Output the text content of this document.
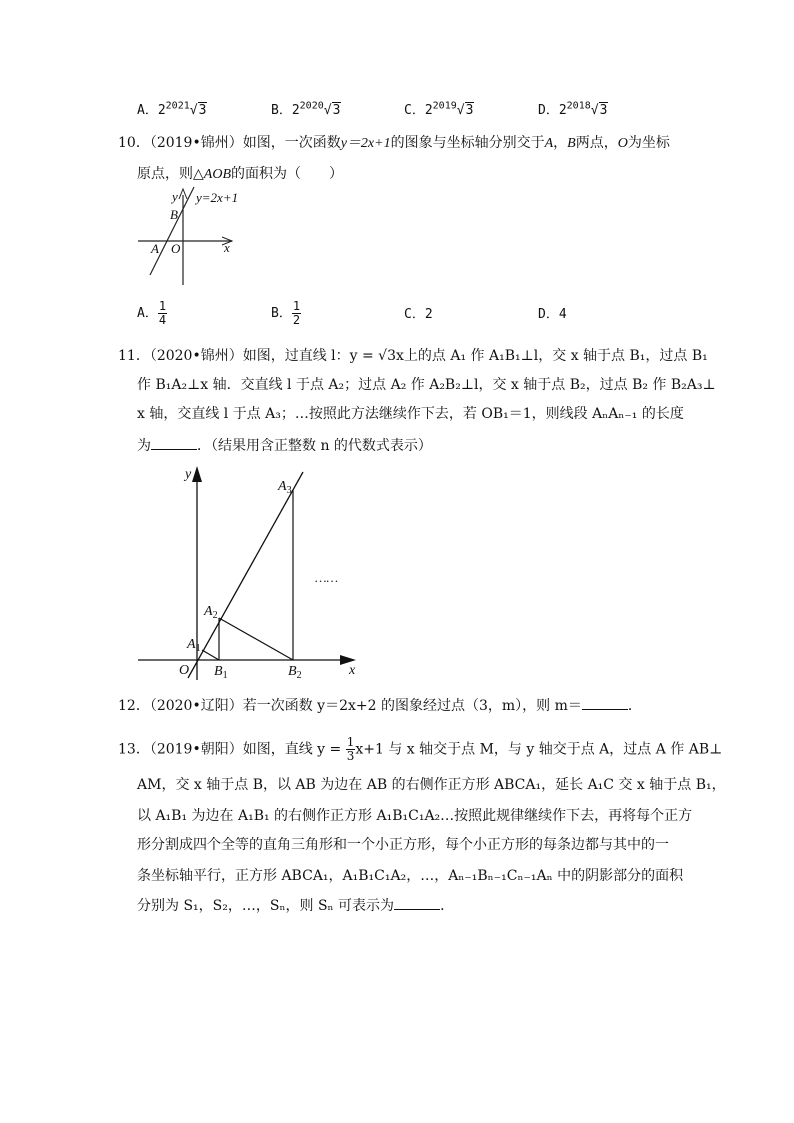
A．$2^{2021}√3$	B．$2^{2020}√3$	C．$2^{2019}√3$	D．$2^{2018}√3$
10．（2019•锦州）如图，一次函数y＝2x+1的图象与坐标轴分别交于A，B两点，O为坐标
原点，则△AOB的面积为（　　）
y y=2x+1
B
A O	x
A． $\frac{1}{4}$	B． $\frac{1}{2}$	C．2	D．4
11．（2020•锦州）如图，过直线 l：y = √3x上的点 A₁ 作 A₁B₁⊥l，交 x 轴于点 B₁，过点 B₁
作 B₁A₂⊥x 轴．交直线 l 于点 A₂；过点 A₂ 作 A₂B₂⊥l，交 x 轴于点 B₂，过点 B₂ 作 B₂A₃⊥
x 轴，交直线 l 于点 A₃；…按照此方法继续作下去，若 OB₁＝1，则线段 AₙAₙ₋₁ 的长度
为	．（结果用含正整数 n 的代数式表示）
y
x
O
$A_1$
$A_2$
$A_3$
$B_1$	$B_2$
……
12．（2020•辽阳）若一次函数 y＝2x+2 的图象经过点（3，m），则 m＝	．
13．（2019•朝阳）如图，直线 $y = \frac{1}{3} x+1$ 与 x 轴交于点 M，与 y 轴交于点 A，过点 A 作 AB⊥
AM，交 x 轴于点 B，以 AB 为边在 AB 的右侧作正方形 ABCA₁，延长 A₁C 交 x 轴于点 B₁，
以 A₁B₁ 为边在 A₁B₁ 的右侧作正方形 A₁B₁C₁A₂…按照此规律继续作下去，再将每个正方
形分割成四个全等的直角三角形和一个小正方形，每个小正方形的每条边都与其中的一
条坐标轴平行，正方形 ABCA₁，A₁B₁C₁A₂，…，Aₙ₋₁Bₙ₋₁Cₙ₋₁Aₙ 中的阴影部分的面积
分别为 S₁，S₂，…，Sₙ，则 Sₙ 可表示为	．
